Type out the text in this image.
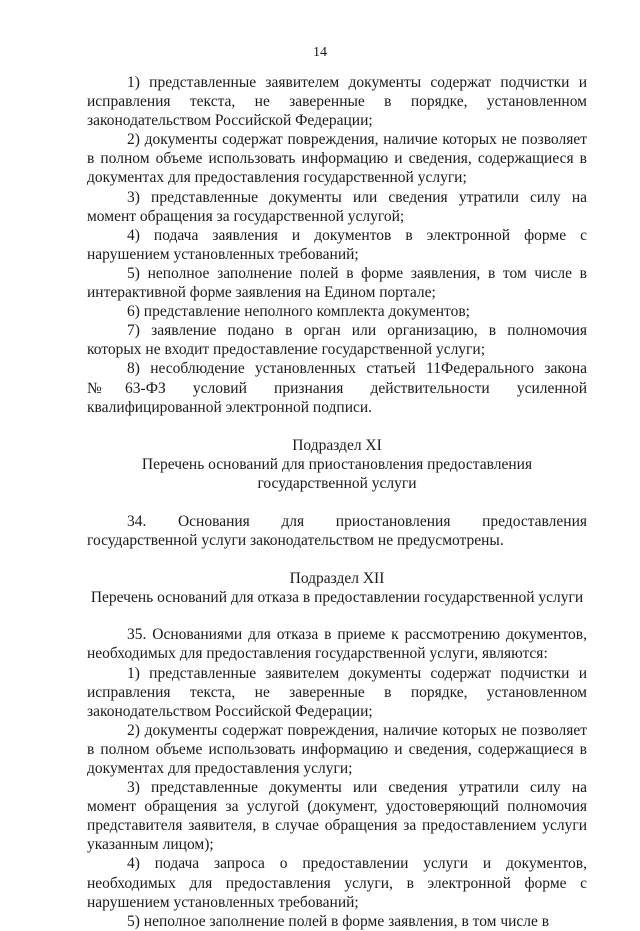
14

1) представленные заявителем документы содержат подчистки и исправления текста, не заверенные в порядке, установленном законодательством Российской Федерации;

2) документы содержат повреждения, наличие которых не позволяет в полном объеме использовать информацию и сведения, содержащиеся в документах для предоставления государственной услуги;

3) представленные документы или сведения утратили силу на момент обращения за государственной услугой;

4) подача заявления и документов в электронной форме с нарушением установленных требований;

5) неполное заполнение полей в форме заявления, в том числе в интерактивной форме заявления на Едином портале;

6) представление неполного комплекта документов;

7) заявление подано в орган или организацию, в полномочия которых не входит предоставление государственной услуги;

8) несоблюдение установленных статьей 11Федерального закона №63-ФЗ условий признания действительности усиленной квалифицированной электронной подписи.

Подраздел XI
Перечень оснований для приостановления предоставления государственной услуги

34. Основания для приостановления предоставления государственной услуги законодательством не предусмотрены.

Подраздел XII
Перечень оснований для отказа в предоставлении государственной услуги

35. Основаниями для отказа в приеме к рассмотрению документов, необходимых для предоставления государственной услуги, являются:

1) представленные заявителем документы содержат подчистки и исправления текста, не заверенные в порядке, установленном законодательством Российской Федерации;

2) документы содержат повреждения, наличие которых не позволяет в полном объеме использовать информацию и сведения, содержащиеся в документах для предоставления услуги;

3) представленные документы или сведения утратили силу на момент обращения за услугой (документ, удостоверяющий полномочия представителя заявителя, в случае обращения за предоставлением услуги указанным лицом);

4) подача запроса о предоставлении услуги и документов, необходимых для предоставления услуги, в электронной форме с нарушением установленных требований;

5) неполное заполнение полей в форме заявления, в том числе в
